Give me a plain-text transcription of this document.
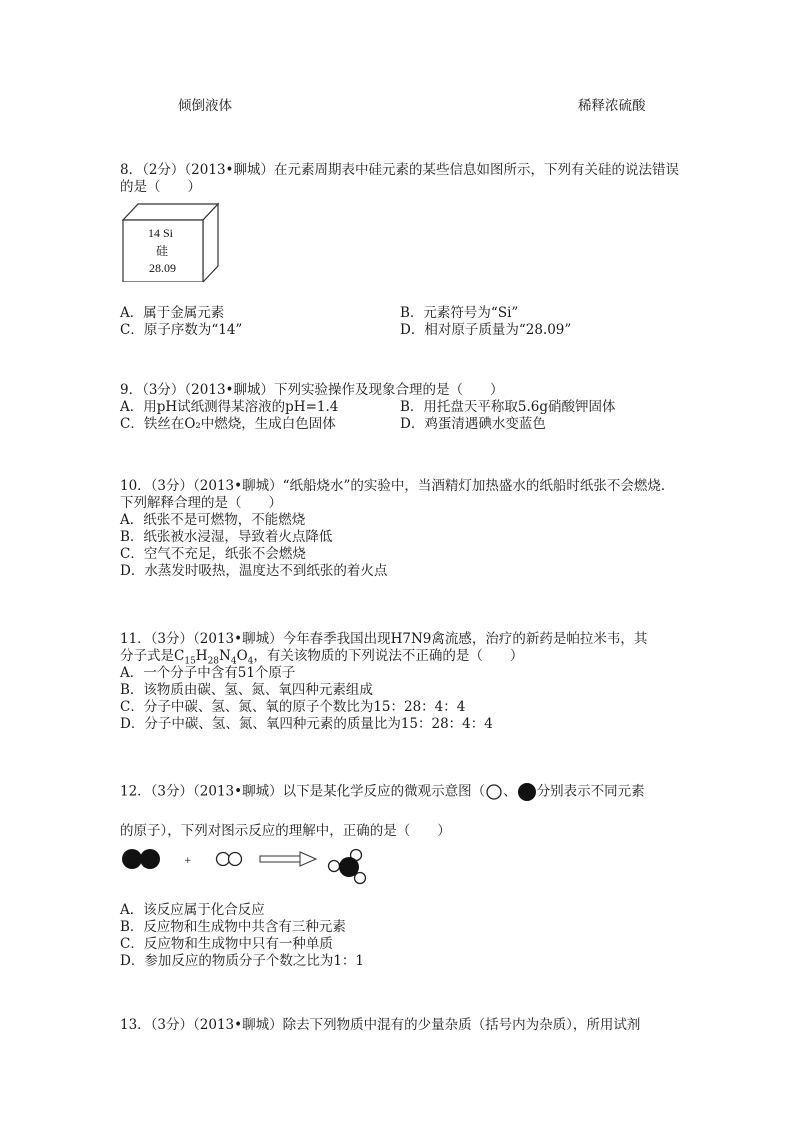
倾倒液体	稀释浓硫酸
8．（2分）（2013•聊城）在元素周期表中硅元素的某些信息如图所示，下列有关硅的说法错误的是（　　）
14 Si
硅
28.09
A．属于金属元素	B．元素符号为“Si”
C．原子序数为“14”	D．相对原子质量为“28.09”
9．（3分）（2013•聊城）下列实验操作及现象合理的是（　　）
A．用pH试纸测得某溶液的pH=1.4	B．用托盘天平称取5.6g硝酸钾固体
C．铁丝在O₂中燃烧，生成白色固体	D．鸡蛋清遇碘水变蓝色
10．（3分）（2013•聊城）“纸船烧水”的实验中，当酒精灯加热盛水的纸船时纸张不会燃烧．下列解释合理的是（　　）
A．纸张不是可燃物，不能燃烧
B．纸张被水浸湿，导致着火点降低
C．空气不充足，纸张不会燃烧
D．水蒸发时吸热，温度达不到纸张的着火点
11．（3分）（2013•聊城）今年春季我国出现H7N9禽流感，治疗的新药是帕拉米韦，其
分子式是$C_{15}H_{28}N_4O_4$，有关该物质的下列说法不正确的是（　　）
A．一个分子中含有51个原子
B．该物质由碳、氢、氮、氧四种元素组成
C．分子中碳、氢、氮、氧的原子个数比为15：28：4：4
D．分子中碳、氢、氮、氧四种元素的质量比为15：28：4：4
12．（3分）（2013•聊城）以下是某化学反应的微观示意图（ 、 分别表示不同元素
的原子），下列对图示反应的理解中，正确的是（　　）
+
A．该反应属于化合反应
B．反应物和生成物中共含有三种元素
C．反应物和生成物中只有一种单质
D．参加反应的物质分子个数之比为1：1
13．（3分）（2013•聊城）除去下列物质中混有的少量杂质（括号内为杂质），所用试剂
